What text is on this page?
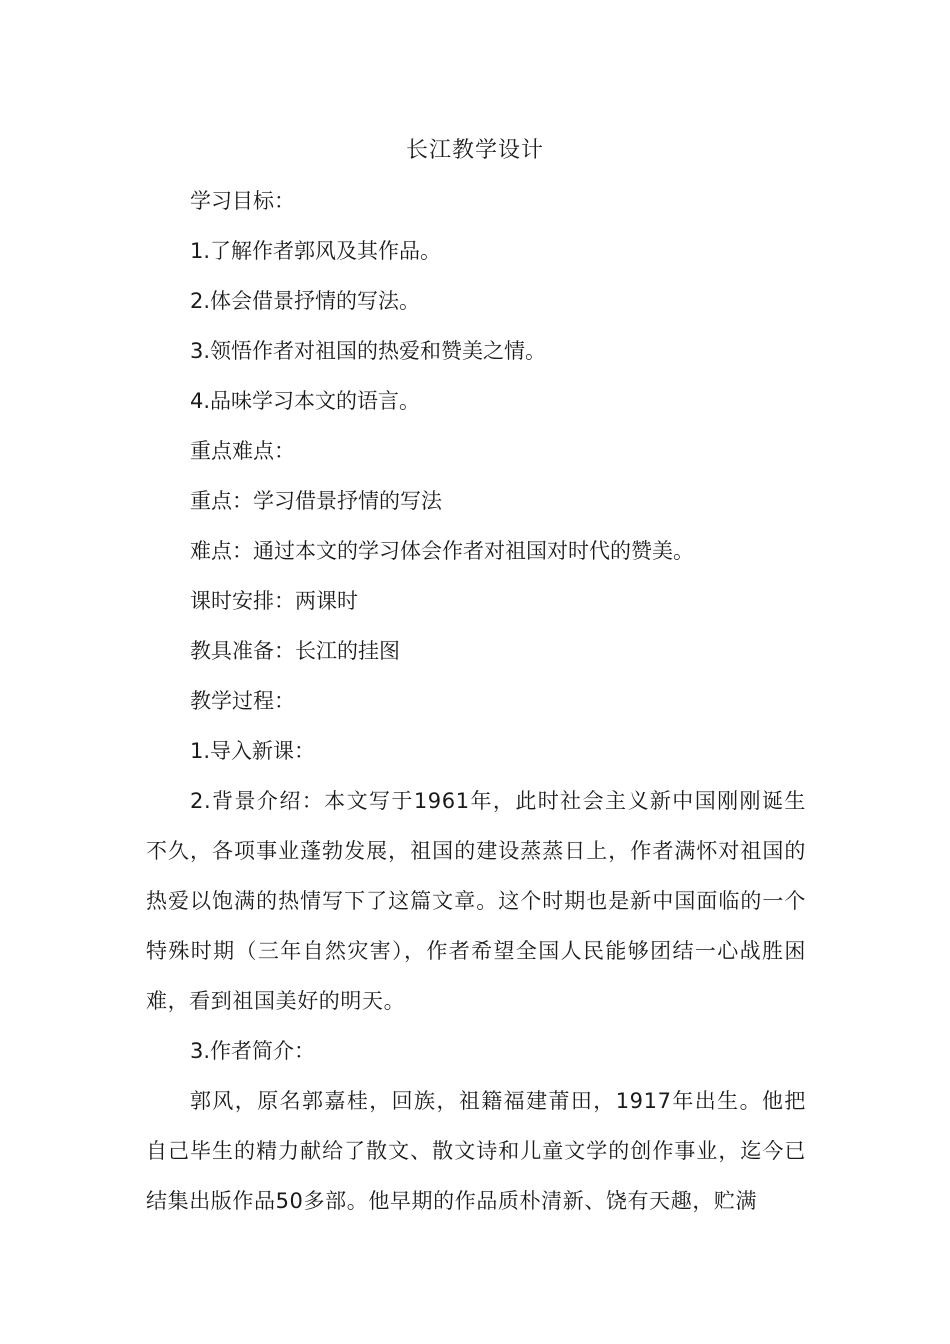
长江教学设计
学习目标：
1.了解作者郭风及其作品。
2.体会借景抒情的写法。
3.领悟作者对祖国的热爱和赞美之情。
4.品味学习本文的语言。
重点难点：
重点：学习借景抒情的写法
难点：通过本文的学习体会作者对祖国对时代的赞美。
课时安排：两课时
教具准备：长江的挂图
教学过程：
1.导入新课：
2.背景介绍：本文写于1961年，此时社会主义新中国刚刚诞生不久，各项事业蓬勃发展，祖国的建设蒸蒸日上，作者满怀对祖国的热爱以饱满的热情写下了这篇文章。这个时期也是新中国面临的一个特殊时期（三年自然灾害），作者希望全国人民能够团结一心战胜困难，看到祖国美好的明天。
3.作者简介：
郭风，原名郭嘉桂，回族，祖籍福建莆田，1917年出生。他把自己毕生的精力献给了散文、散文诗和儿童文学的创作事业，迄今已结集出版作品50多部。他早期的作品质朴清新、饶有天趣，贮满
